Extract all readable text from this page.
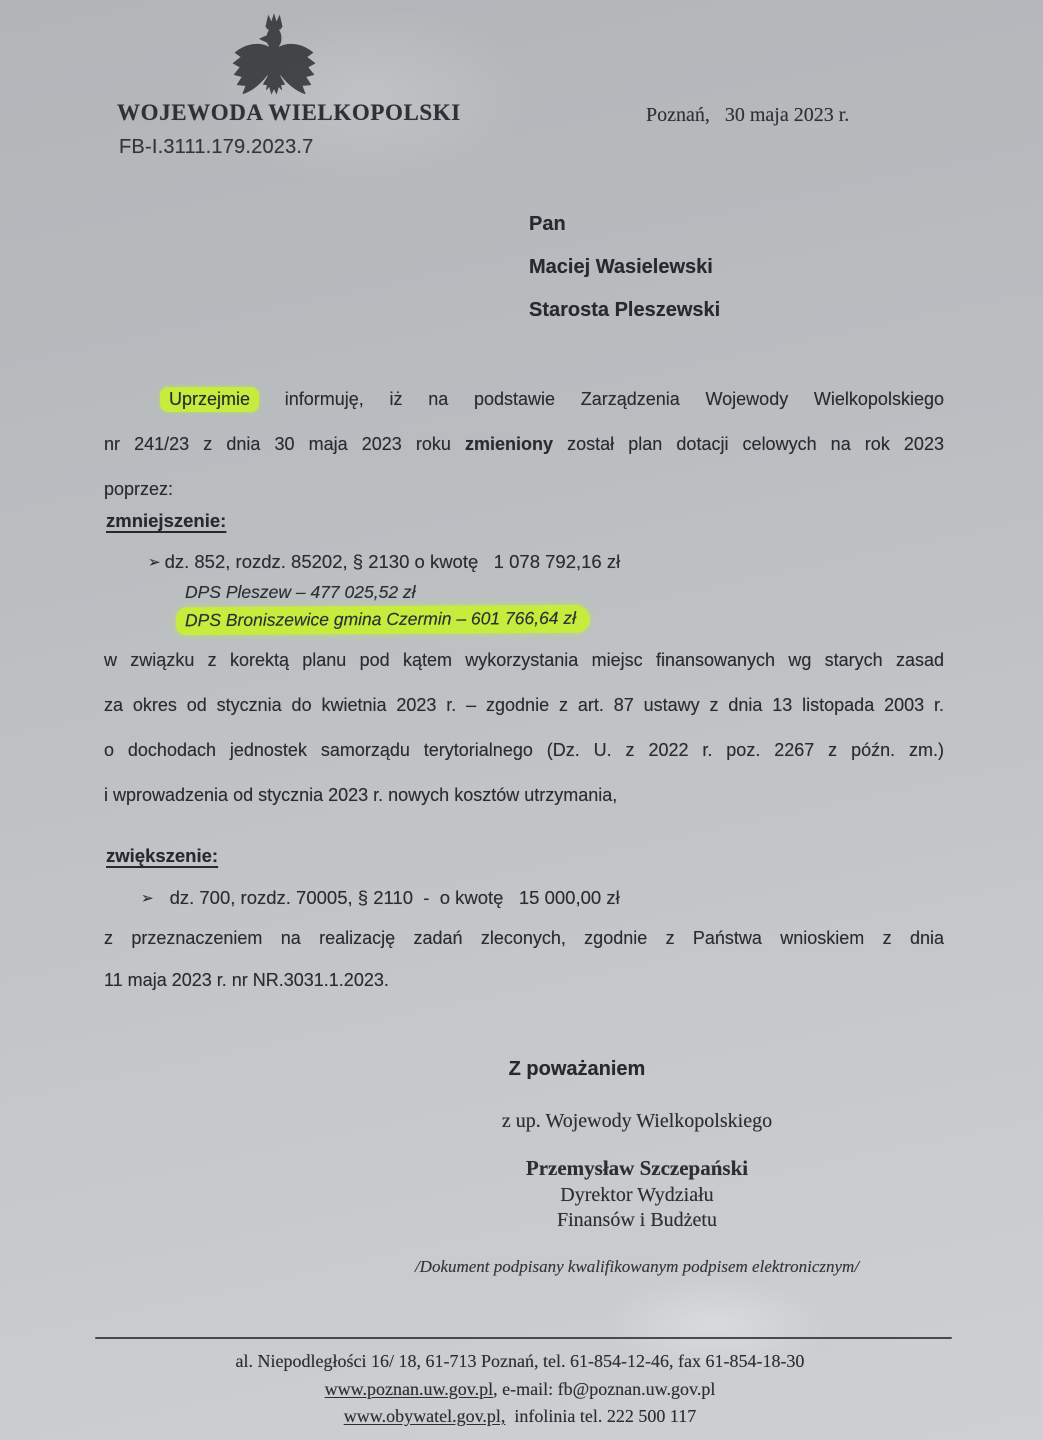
WOJEWODA WIELKOPOLSKI
FB-I.3111.179.2023.7
Poznań,   30 maja 2023 r.
Pan
Maciej Wasielewski
Starosta Pleszewski
Uprzejmie informuję, iż na podstawie Zarządzenia Wojewody Wielkopolskiego
nr 241/23 z dnia 30 maja 2023 roku zmieniony został plan dotacji celowych na rok 2023
poprzez:
zmniejszenie:
➢ dz. 852, rozdz. 85202, § 2130 o kwotę   1 078 792,16 zł
DPS Pleszew – 477 025,52 zł
DPS Broniszewice gmina Czermin – 601 766,64 zł
w związku z korektą planu pod kątem wykorzystania miejsc finansowanych wg starych zasad
za okres od stycznia do kwietnia 2023 r. – zgodnie z art. 87 ustawy z dnia 13 listopada 2003 r.
o dochodach jednostek samorządu terytorialnego (Dz. U. z 2022 r. poz. 2267 z późn. zm.)
i wprowadzenia od stycznia 2023 r. nowych kosztów utrzymania,
zwiększenie:
➢ dz. 700, rozdz. 70005, § 2110  -  o kwotę   15 000,00 zł
z przeznaczeniem na realizację zadań zleconych, zgodnie z Państwa wnioskiem z dnia
11 maja 2023 r. nr NR.3031.1.2023.
Z poważaniem
z up. Wojewody Wielkopolskiego
Przemysław Szczepański
Dyrektor Wydziału
Finansów i Budżetu
/Dokument podpisany kwalifikowanym podpisem elektronicznym/
al. Niepodległości 16/ 18, 61-713 Poznań, tel. 61-854-12-46, fax 61-854-18-30
www.poznan.uw.gov.pl, e-mail: fb@poznan.uw.gov.pl
www.obywatel.gov.pl,  infolinia tel. 222 500 117
